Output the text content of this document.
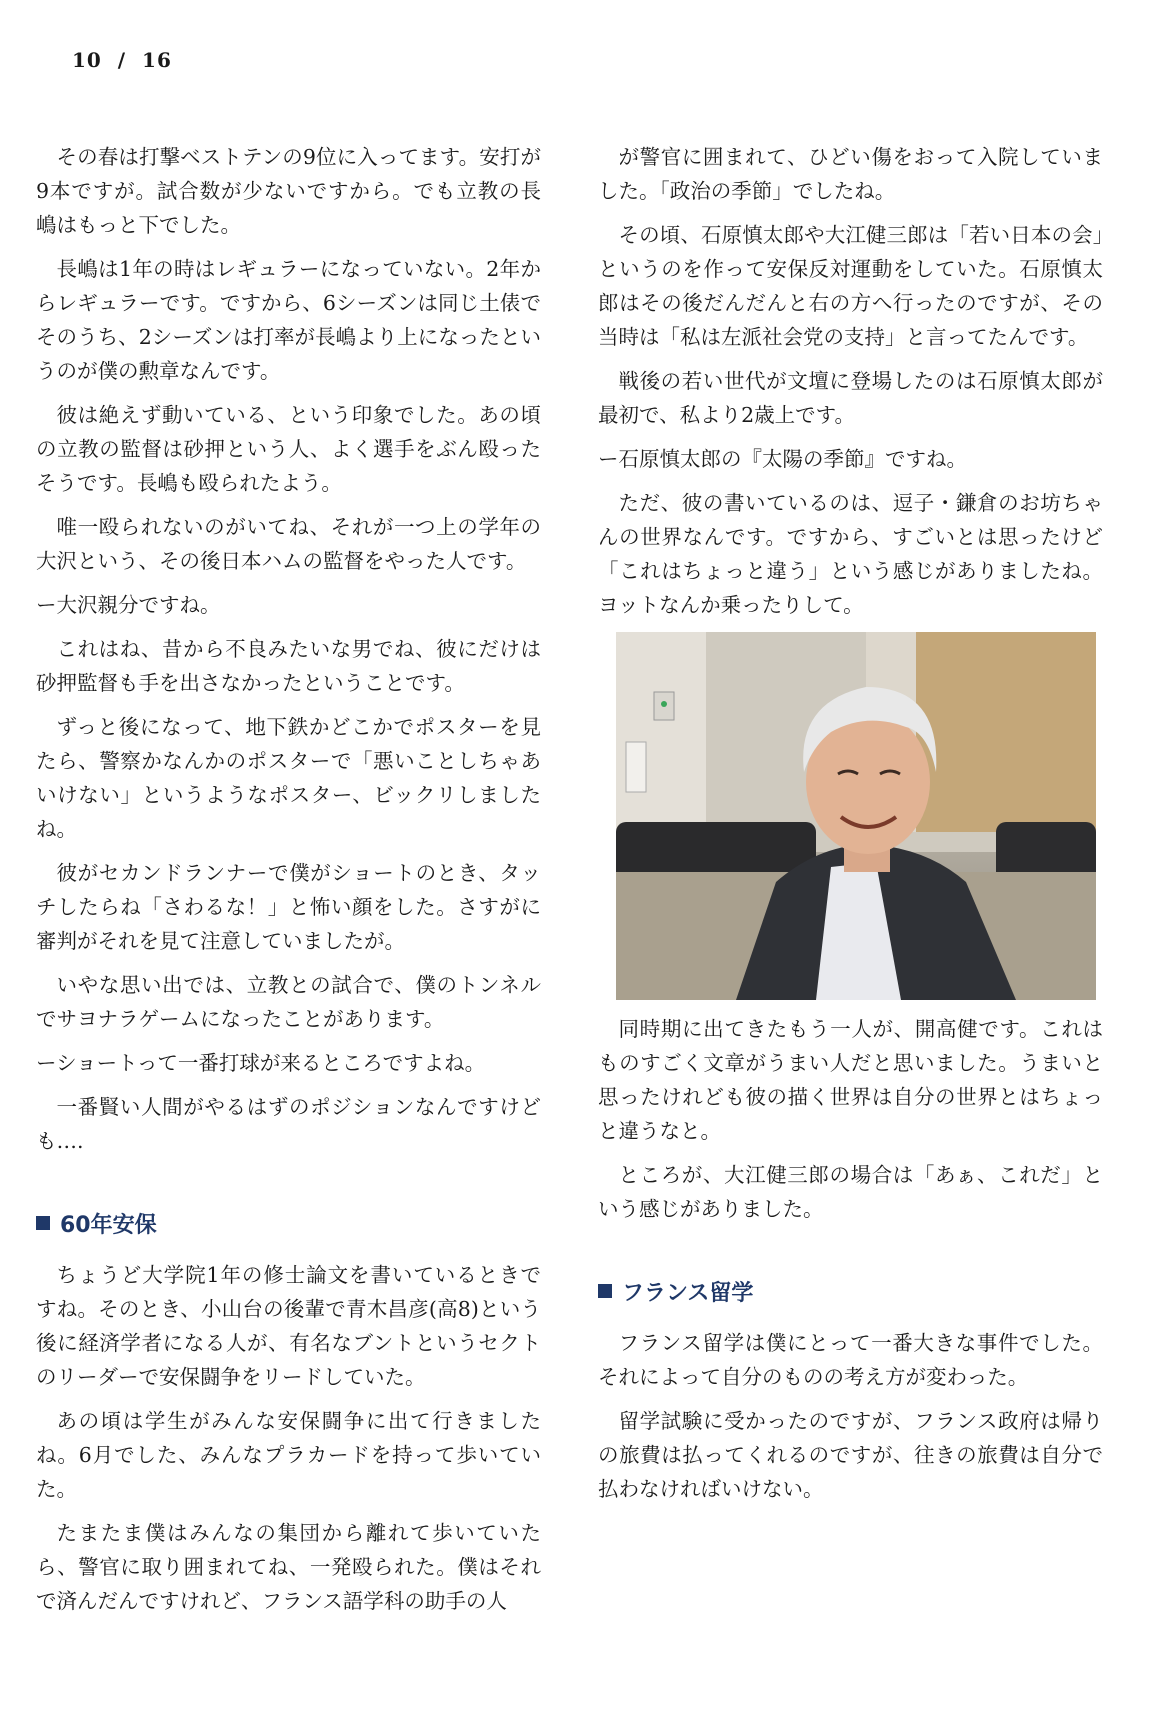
10 / 16

その春は打撃ベストテンの9位に入ってます。安打が9本ですが。試合数が少ないですから。でも立教の長嶋はもっと下でした。

長嶋は1年の時はレギュラーになっていない。2年からレギュラーです。ですから、6シーズンは同じ土俵でそのうち、2シーズンは打率が長嶋より上になったというのが僕の勲章なんです。

彼は絶えず動いている、という印象でした。あの頃の立教の監督は砂押という人、よく選手をぶん殴ったそうです。長嶋も殴られたよう。

唯一殴られないのがいてね、それが一つ上の学年の大沢という、その後日本ハムの監督をやった人です。

ー大沢親分ですね。

これはね、昔から不良みたいな男でね、彼にだけは砂押監督も手を出さなかったということです。

ずっと後になって、地下鉄かどこかでポスターを見たら、警察かなんかのポスターで「悪いことしちゃあいけない」というようなポスター、ビックリしましたね。

彼がセカンドランナーで僕がショートのとき、タッチしたらね「さわるな！」と怖い顔をした。さすがに審判がそれを見て注意していましたが。

いやな思い出では、立教との試合で、僕のトンネルでサヨナラゲームになったことがあります。

ーショートって一番打球が来るところですよね。

一番賢い人間がやるはずのポジションなんですけども….

60年安保

ちょうど大学院1年の修士論文を書いているときですね。そのとき、小山台の後輩で青木昌彦(高8)という後に経済学者になる人が、有名なブントというセクトのリーダーで安保闘争をリードしていた。

あの頃は学生がみんな安保闘争に出て行きましたね。6月でした、みんなプラカードを持って歩いていた。

たまたま僕はみんなの集団から離れて歩いていたら、警官に取り囲まれてね、一発殴られた。僕はそれで済んだんですけれど、フランス語学科の助手の人

が警官に囲まれて、ひどい傷をおって入院していました。「政治の季節」でしたね。

その頃、石原慎太郎や大江健三郎は「若い日本の会」というのを作って安保反対運動をしていた。石原慎太郎はその後だんだんと右の方へ行ったのですが、その当時は「私は左派社会党の支持」と言ってたんです。

戦後の若い世代が文壇に登場したのは石原慎太郎が最初で、私より2歳上です。

ー石原慎太郎の『太陽の季節』ですね。

ただ、彼の書いているのは、逗子・鎌倉のお坊ちゃんの世界なんです。ですから、すごいとは思ったけど「これはちょっと違う」という感じがありましたね。ヨットなんか乗ったりして。

同時期に出てきたもう一人が、開高健です。これはものすごく文章がうまい人だと思いました。うまいと思ったけれども彼の描く世界は自分の世界とはちょっと違うなと。

ところが、大江健三郎の場合は「あぁ、これだ」という感じがありました。

フランス留学

フランス留学は僕にとって一番大きな事件でした。それによって自分のものの考え方が変わった。

留学試験に受かったのですが、フランス政府は帰りの旅費は払ってくれるのですが、往きの旅費は自分で払わなければいけない。
